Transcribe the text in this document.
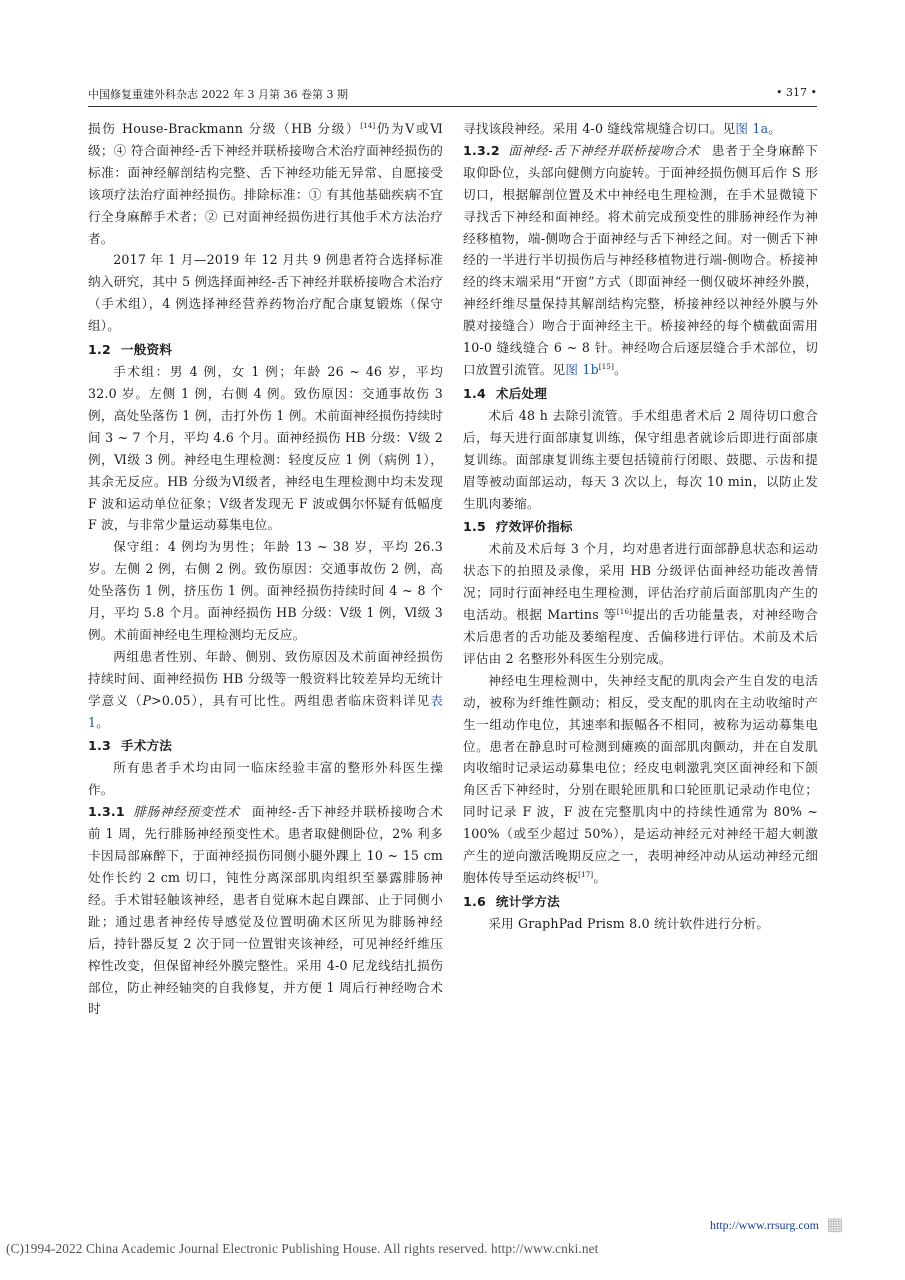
中国修复重建外科杂志 2022 年 3 月第 36 卷第 3 期	• 317 •

损伤 House-Brackmann 分级（HB 分级）[14]仍为Ⅴ或Ⅵ级；④ 符合面神经-舌下神经并联桥接吻合术治疗面神经损伤的标准：面神经解剖结构完整、舌下神经功能无异常、自愿接受该项疗法治疗面神经损伤。排除标准：① 有其他基础疾病不宜行全身麻醉手术者；② 已对面神经损伤进行其他手术方法治疗者。

2017 年 1 月—2019 年 12 月共 9 例患者符合选择标准纳入研究，其中 5 例选择面神经-舌下神经并联桥接吻合术治疗（手术组），4 例选择神经营养药物治疗配合康复锻炼（保守组）。

1.2 一般资料

手术组：男 4 例，女 1 例；年龄 26 ~ 46 岁，平均 32.0 岁。左侧 1 例，右侧 4 例。致伤原因：交通事故伤 3 例，高处坠落伤 1 例，击打外伤 1 例。术前面神经损伤持续时间 3 ~ 7 个月，平均 4.6 个月。面神经损伤 HB 分级：Ⅴ级 2 例，Ⅵ级 3 例。神经电生理检测：轻度反应 1 例（病例 1），其余无反应。HB 分级为Ⅵ级者，神经电生理检测中均未发现 F 波和运动单位征象；Ⅴ级者发现无 F 波或偶尔怀疑有低幅度 F 波，与非常少量运动募集电位。

保守组：4 例均为男性；年龄 13 ~ 38 岁，平均 26.3 岁。左侧 2 例，右侧 2 例。致伤原因：交通事故伤 2 例，高处坠落伤 1 例，挤压伤 1 例。面神经损伤持续时间 4 ~ 8 个月，平均 5.8 个月。面神经损伤 HB 分级：Ⅴ级 1 例，Ⅵ级 3 例。术前面神经电生理检测均无反应。

两组患者性别、年龄、侧别、致伤原因及术前面神经损伤持续时间、面神经损伤 HB 分级等一般资料比较差异均无统计学意义（P>0.05），具有可比性。两组患者临床资料详见表 1。

1.3 手术方法

所有患者手术均由同一临床经验丰富的整形外科医生操作。

1.3.1 腓肠神经预变性术 面神经-舌下神经并联桥接吻合术前 1 周，先行腓肠神经预变性术。患者取健侧卧位，2% 利多卡因局部麻醉下，于面神经损伤同侧小腿外踝上 10 ~ 15 cm 处作长约 2 cm 切口，钝性分离深部肌肉组织至暴露腓肠神经。手术钳轻触该神经，患者自觉麻木起自踝部、止于同侧小趾；通过患者神经传导感觉及位置明确术区所见为腓肠神经后，持针器反复 2 次于同一位置钳夹该神经，可见神经纤维压榨性改变，但保留神经外膜完整性。采用 4-0 尼龙线结扎损伤部位，防止神经轴突的自我修复，并方便 1 周后行神经吻合术时

寻找该段神经。采用 4-0 缝线常规缝合切口。见图 1a。

1.3.2 面神经-舌下神经并联桥接吻合术 患者于全身麻醉下取仰卧位，头部向健侧方向旋转。于面神经损伤侧耳后作 S 形切口，根据解剖位置及术中神经电生理检测，在手术显微镜下寻找舌下神经和面神经。将术前完成预变性的腓肠神经作为神经移植物，端-侧吻合于面神经与舌下神经之间。对一侧舌下神经的一半进行半切损伤后与神经移植物进行端-侧吻合。桥接神经的终末端采用“开窗”方式（即面神经一侧仅破坏神经外膜，神经纤维尽量保持其解剖结构完整，桥接神经以神经外膜与外膜对接缝合）吻合于面神经主干。桥接神经的每个横截面需用 10-0 缝线缝合 6 ~ 8 针。神经吻合后逐层缝合手术部位，切口放置引流管。见图 1b[15]。

1.4 术后处理

术后 48 h 去除引流管。手术组患者术后 2 周待切口愈合后，每天进行面部康复训练，保守组患者就诊后即进行面部康复训练。面部康复训练主要包括镜前行闭眼、鼓腮、示齿和提眉等被动面部运动，每天 3 次以上，每次 10 min，以防止发生肌肉萎缩。

1.5 疗效评价指标

术前及术后每 3 个月，均对患者进行面部静息状态和运动状态下的拍照及录像，采用 HB 分级评估面神经功能改善情况；同时行面神经电生理检测，评估治疗前后面部肌肉产生的电活动。根据 Martins 等[16]提出的舌功能量表，对神经吻合术后患者的舌功能及萎缩程度、舌偏移进行评估。术前及术后评估由 2 名整形外科医生分别完成。

神经电生理检测中，失神经支配的肌肉会产生自发的电活动，被称为纤维性颤动；相反，受支配的肌肉在主动收缩时产生一组动作电位，其速率和振幅各不相同，被称为运动募集电位。患者在静息时可检测到瘫痪的面部肌肉颤动，并在自发肌肉收缩时记录运动募集电位；经皮电刺激乳突区面神经和下颌角区舌下神经时，分别在眼轮匝肌和口轮匝肌记录动作电位；同时记录 F 波，F 波在完整肌肉中的持续性通常为 80% ~ 100%（或至少超过 50%），是运动神经元对神经干超大刺激产生的逆向激活晚期反应之一，表明神经冲动从运动神经元细胞体传导至运动终板[17]。

1.6 统计学方法

采用 GraphPad Prism 8.0 统计软件进行分析。

http://www.rrsurg.com ▦
(C)1994-2022 China Academic Journal Electronic Publishing House. All rights reserved. http://www.cnki.net
